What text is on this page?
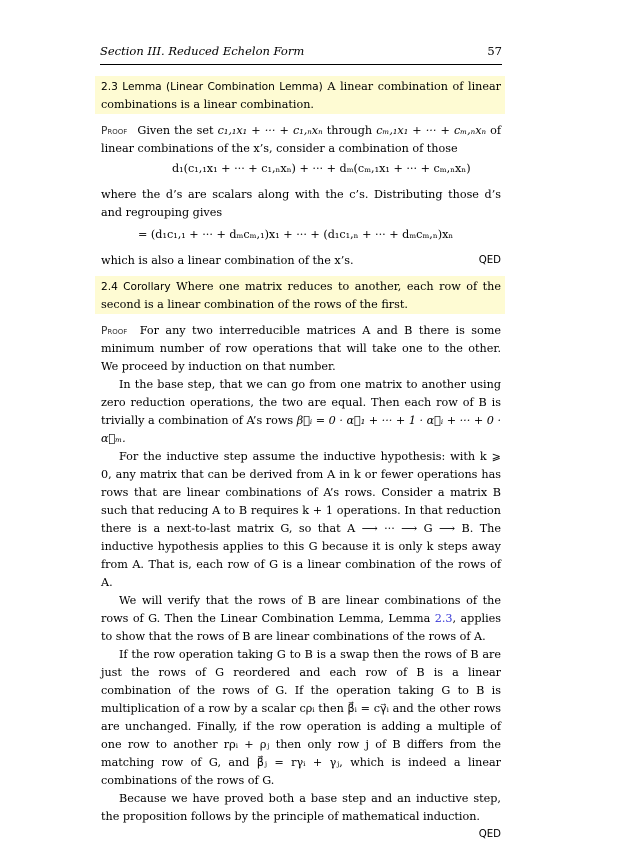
Section III. Reduced Echelon Form	57

2.3 Lemma (Linear Combination Lemma) A linear combination of linear combinations is a linear combination.

Proof Given the set c₁,₁x₁ + ··· + c₁,ₙxₙ through cₘ,₁x₁ + ··· + cₘ,ₙxₙ of linear combinations of the x’s, consider a combination of those

d₁(c₁,₁x₁ + ··· + c₁,ₙxₙ) + ··· + dₘ(cₘ,₁x₁ + ··· + cₘ,ₙxₙ)

where the d’s are scalars along with the c’s. Distributing those d’s and regrouping gives

= (d₁c₁,₁ + ··· + dₘcₘ,₁)x₁ + ··· + (d₁c₁,ₙ + ··· + dₘcₘ,ₙ)xₙ

which is also a linear combination of the x’s.	QED

2.4 Corollary Where one matrix reduces to another, each row of the second is a linear combination of the rows of the first.

Proof For any two interreducible matrices A and B there is some minimum number of row operations that will take one to the other. We proceed by induction on that number.

In the base step, that we can go from one matrix to another using zero reduction operations, the two are equal. Then each row of B is trivially a combination of A’s rows β⃗ᵢ = 0 · α⃗₁ + ··· + 1 · α⃗ᵢ + ··· + 0 · α⃗ₘ.

For the inductive step assume the inductive hypothesis: with k ⩾ 0, any matrix that can be derived from A in k or fewer operations has rows that are linear combinations of A’s rows. Consider a matrix B such that reducing A to B requires k + 1 operations. In that reduction there is a next-to-last matrix G, so that A ⟶ ··· ⟶ G ⟶ B. The inductive hypothesis applies to this G because it is only k steps away from A. That is, each row of G is a linear combination of the rows of A.

We will verify that the rows of B are linear combinations of the rows of G. Then the Linear Combination Lemma, Lemma 2.3, applies to show that the rows of B are linear combinations of the rows of A.

If the row operation taking G to B is a swap then the rows of B are just the rows of G reordered and each row of B is a linear combination of the rows of G. If the operation taking G to B is multiplication of a row by a scalar cρᵢ then β⃗ᵢ = cγ⃗ᵢ and the other rows are unchanged. Finally, if the row operation is adding a multiple of one row to another rρᵢ + ρⱼ then only row j of B differs from the matching row of G, and β⃗ⱼ = rγᵢ + γⱼ, which is indeed a linear combinations of the rows of G.

Because we have proved both a base step and an inductive step, the proposition follows by the principle of mathematical induction.
QED
